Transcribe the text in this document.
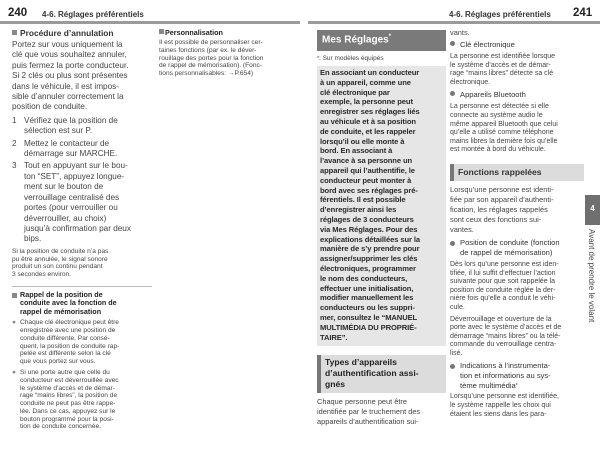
240 4-6. Réglages préférentiels	4-6. Réglages préférentiels 241
Procédure d’annulation
Portez sur vous uniquement la
clé que vous souhaitez annuler,
puis fermez la porte conducteur.
Si 2 clés ou plus sont présentes
dans le véhicule, il est impos-
sible d’annuler correctement la
position de conduite.
1 Vérifiez que la position de
sélection est sur P.
2 Mettez le contacteur de
démarrage sur MARCHE.
3 Tout en appuyant sur le bou-
ton “SET”, appuyez longue-
ment sur le bouton de
verrouillage centralisé des
portes (pour verrouiller ou
déverrouiller, au choix)
jusqu’à confirmation par deux
bips.
Si la position de conduite n’a pas
pu être annulée, le signal sonore
produit un son continu pendant
3 secondes environ.
Rappel de la position de
conduite avec la fonction de
rappel de mémorisation
● Chaque clé électronique peut être
enregistrée avec une position de
conduite différente. Par consé-
quent, la position de conduite rap-
pelée est différente selon la clé
que vous portez sur vous.
● Si une porte autre que celle du
conducteur est déverrouillée avec
le système d’accès et de démar-
rage “mains libres”, la position de
conduite ne peut pas être rappe-
lée. Dans ce cas, appuyez sur le
bouton programmé pour la posi-
tion de conduite concernée.
Personnalisation
Il est possible de personnaliser cer-
taines fonctions (par ex. le déver-
rouillage des portes pour la fonction
de rappel de mémorisation). (Fonc-
tions personnalisables: →P.654)
Mes Réglages*
*: Sur modèles équipés
En associant un conducteur
à un appareil, comme une
clé électronique par
exemple, la personne peut
enregistrer ses réglages liés
au véhicule et à sa position
de conduite, et les rappeler
lorsqu’il ou elle monte à
bord. En associant à
l’avance à sa personne un
appareil qui l’authentifie, le
conducteur peut monter à
bord avec ses réglages pré-
férentiels. Il est possible
d’enregistrer ainsi les
réglages de 3 conducteurs
via Mes Réglages. Pour des
explications détaillées sur la
manière de s’y prendre pour
assigner/supprimer les clés
électroniques, programmer
le nom des conducteurs,
effectuer une initialisation,
modifier manuellement les
conducteurs ou les suppri-
mer, consultez le “MANUEL
MULTIMÉDIA DU PROPRIÉ-
TAIRE”.
Types d’appareils
d’authentification assi-
gnés
Chaque personne peut être
identifiée par le truchement des
appareils d’authentification sui-
vants.
Clé électronique
La personne est identifiée lorsque
le système d’accès et de démar-
rage “mains libres” détecte sa clé
électronique.
Appareils Bluetooth
La personne est détectée si elle
connecte au système audio le
même appareil Bluetooth que celui
qu’elle a utilisé comme téléphone
mains libres la dernière fois qu’elle
est montée à bord du véhicule.
Fonctions rappelées
Lorsqu’une personne est identi-
fiée par son appareil d’authenti-
fication, les réglages rappelés
sont ceux des fonctions sui-
vantes.
Position de conduite (fonction
de rappel de mémorisation)
Dès lors qu’une personne est iden-
tifiée, il lui suffit d’effectuer l’action
suivante pour que soit rappelée la
position de conduite réglée la der-
nière fois qu’elle a conduit le véhi-
cule.
Déverrouillage et ouverture de la
porte avec le système d’accès et de
démarrage “mains libres” ou la télé-
commande du verrouillage centra-
lisé.
Indications à l’instrumenta-
tion et informations au sys-
tème multimédia*
Lorsqu’une personne est identifiée,
le système rappelle les choix qui
étaient les siens dans les para-
4
Avant de prendre le volant
